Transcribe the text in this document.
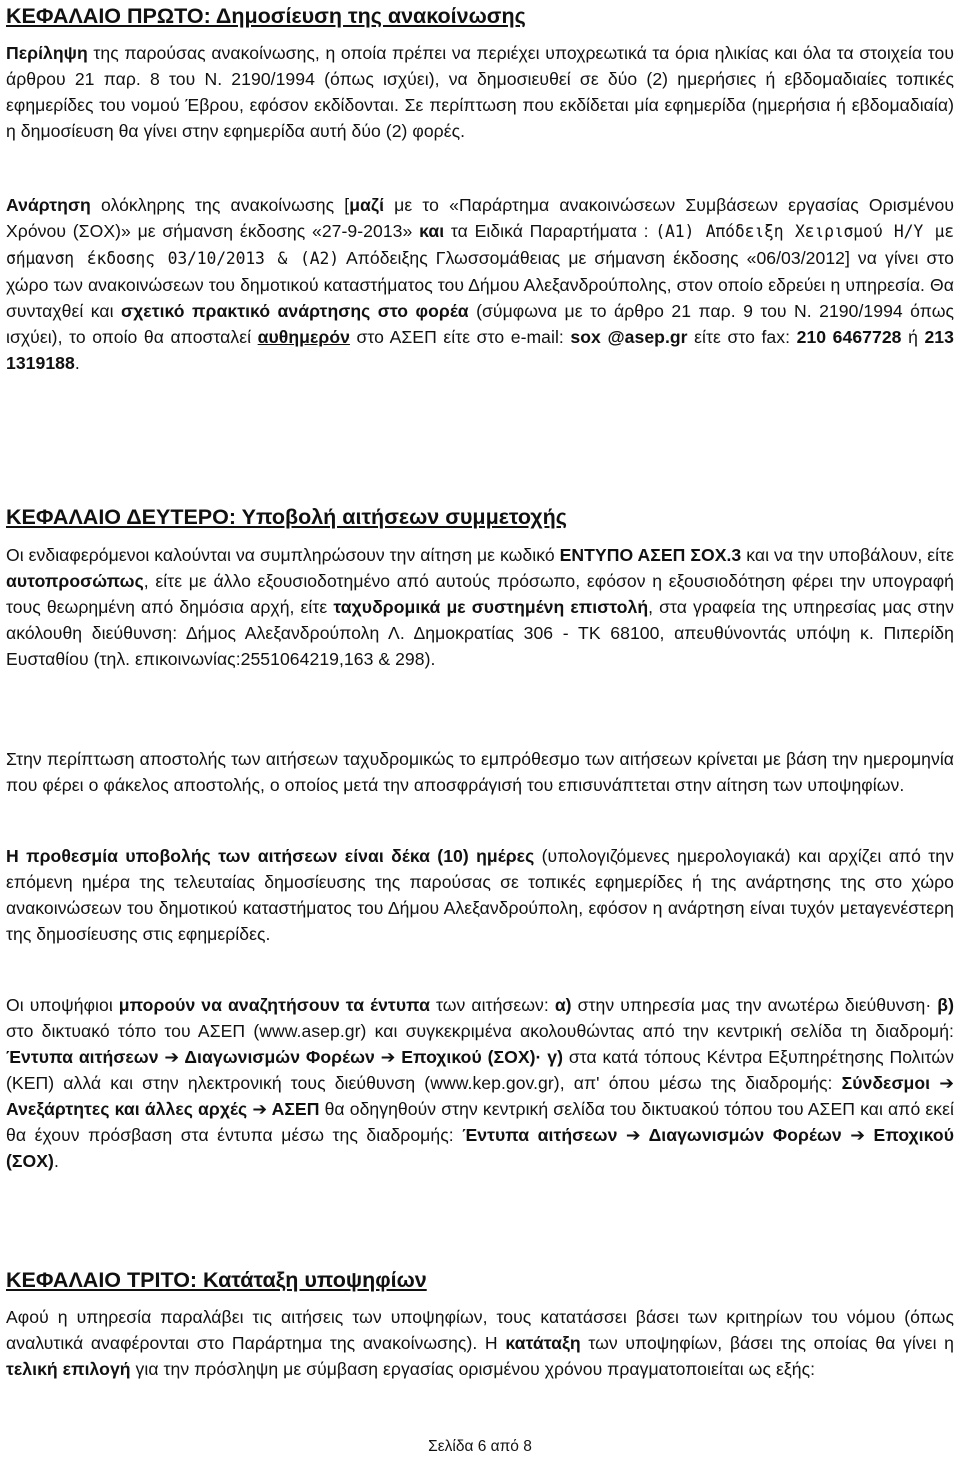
ΚΕΦΑΛΑΙΟ ΠΡΩΤΟ: Δημοσίευση της ανακοίνωσης

Περίληψη της παρούσας ανακοίνωσης, η οποία πρέπει να περιέχει υποχρεωτικά τα όρια ηλικίας και όλα τα στοιχεία του άρθρου 21 παρ. 8 του Ν. 2190/1994 (όπως ισχύει), να δημοσιευθεί σε δύο (2) ημερήσιες ή εβδομαδιαίες τοπικές εφημερίδες του νομού Έβρου, εφόσον εκδίδονται. Σε περίπτωση που εκδίδεται μία εφημερίδα (ημερήσια ή εβδομαδιαία) η δημοσίευση θα γίνει στην εφημερίδα αυτή δύο (2) φορές.

Ανάρτηση ολόκληρης της ανακοίνωσης [μαζί με το «Παράρτημα ανακοινώσεων Συμβάσεων εργασίας Ορισμένου Χρόνου (ΣΟΧ)» με σήμανση έκδοσης «27-9-2013» και τα Ειδικά Παραρτήματα : (Α1) Απόδειξη Χειρισμού Η/Υ με σήμανση έκδοσης 03/10/2013 & (Α2) Απόδειξης Γλωσσομάθειας με σήμανση έκδοσης «06/03/2012] να γίνει στο χώρο των ανακοινώσεων του δημοτικού καταστήματος του Δήμου Αλεξανδρούπολης, στον οποίο εδρεύει η υπηρεσία. Θα συνταχθεί και σχετικό πρακτικό ανάρτησης στο φορέα (σύμφωνα με το άρθρο 21 παρ. 9 του Ν. 2190/1994 όπως ισχύει), το οποίο θα αποσταλεί αυθημερόν στο ΑΣΕΠ είτε στο e-mail: sox @asep.gr είτε στο fax: 210 6467728 ή 213 1319188.

ΚΕΦΑΛΑΙΟ ΔΕΥΤΕΡΟ: Υποβολή αιτήσεων συμμετοχής

Οι ενδιαφερόμενοι καλούνται να συμπληρώσουν την αίτηση με κωδικό ΕΝΤΥΠΟ ΑΣΕΠ ΣΟΧ.3 και να την υποβάλουν, είτε αυτοπροσώπως, είτε με άλλο εξουσιοδοτημένο από αυτούς πρόσωπο, εφόσον η εξουσιοδότηση φέρει την υπογραφή τους θεωρημένη από δημόσια αρχή, είτε ταχυδρομικά με συστημένη επιστολή, στα γραφεία της υπηρεσίας μας στην ακόλουθη διεύθυνση: Δήμος Αλεξανδρούπολη Λ. Δημοκρατίας 306 - ΤΚ 68100, απευθύνοντάς υπόψη κ. Πιπερίδη Ευσταθίου (τηλ. επικοινωνίας:2551064219,163 & 298).

Στην περίπτωση αποστολής των αιτήσεων ταχυδρομικώς το εμπρόθεσμο των αιτήσεων κρίνεται με βάση την ημερομηνία που φέρει ο φάκελος αποστολής, ο οποίος μετά την αποσφράγισή του επισυνάπτεται στην αίτηση των υποψηφίων.

Η προθεσμία υποβολής των αιτήσεων είναι δέκα (10) ημέρες (υπολογιζόμενες ημερολογιακά) και αρχίζει από την επόμενη ημέρα της τελευταίας δημοσίευσης της παρούσας σε τοπικές εφημερίδες ή της ανάρτησης της στο χώρο ανακοινώσεων του δημοτικού καταστήματος του Δήμου Αλεξανδρούπολη, εφόσον η ανάρτηση είναι τυχόν μεταγενέστερη της δημοσίευσης στις εφημερίδες.

Οι υποψήφιοι μπορούν να αναζητήσουν τα έντυπα των αιτήσεων: α) στην υπηρεσία μας την ανωτέρω διεύθυνση· β) στο δικτυακό τόπο του ΑΣΕΠ (www.asep.gr) και συγκεκριμένα ακολουθώντας από την κεντρική σελίδα τη διαδρομή: Έντυπα αιτήσεων ➔ Διαγωνισμών Φορέων ➔ Εποχικού (ΣΟΧ)· γ) στα κατά τόπους Κέντρα Εξυπηρέτησης Πολιτών (ΚΕΠ) αλλά και στην ηλεκτρονική τους διεύθυνση (www.kep.gov.gr), απ' όπου μέσω της διαδρομής: Σύνδεσμοι ➔ Ανεξάρτητες και άλλες αρχές ➔ ΑΣΕΠ θα οδηγηθούν στην κεντρική σελίδα του δικτυακού τόπου του ΑΣΕΠ και από εκεί θα έχουν πρόσβαση στα έντυπα μέσω της διαδρομής: Έντυπα αιτήσεων ➔ Διαγωνισμών Φορέων ➔ Εποχικού (ΣΟΧ).

ΚΕΦΑΛΑΙΟ ΤΡΙΤΟ: Κατάταξη υποψηφίων

Αφού η υπηρεσία παραλάβει τις αιτήσεις των υποψηφίων, τους κατατάσσει βάσει των κριτηρίων του νόμου (όπως αναλυτικά αναφέρονται στο Παράρτημα της ανακοίνωσης). Η κατάταξη των υποψηφίων, βάσει της οποίας θα γίνει η τελική επιλογή για την πρόσληψη με σύμβαση εργασίας ορισμένου χρόνου πραγματοποιείται ως εξής:

Σελίδα 6 από 8
